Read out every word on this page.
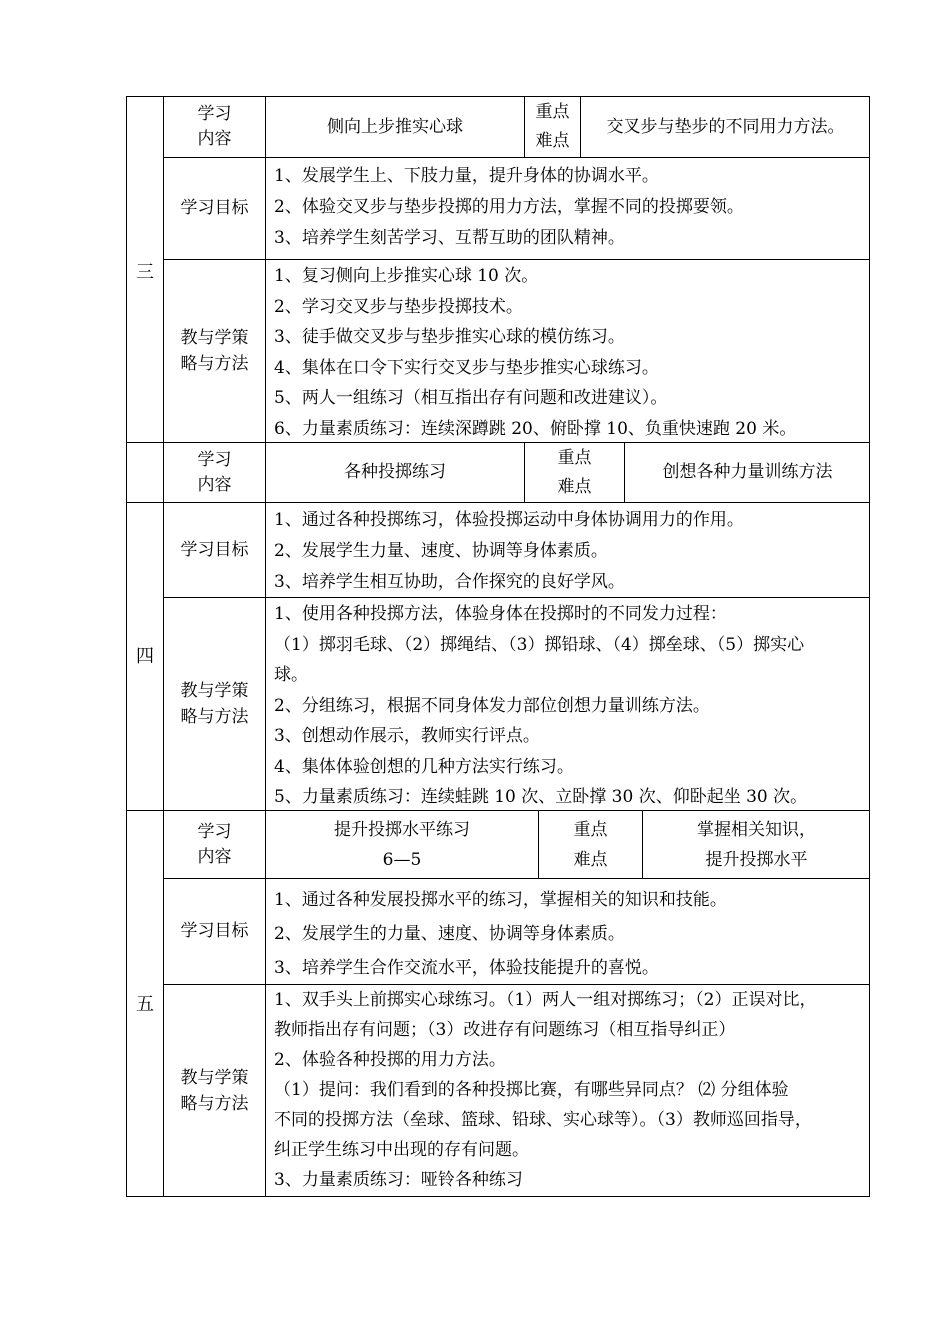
三
学习
内容
侧向上步推实心球
重点
难点
交叉步与垫步的不同用力方法。
学习目标
1、发展学生上、下肢力量，提升身体的协调水平。
2、体验交叉步与垫步投掷的用力方法，掌握不同的投掷要领。
3、培养学生刻苦学习、互帮互助的团队精神。
教与学策
略与方法
1、复习侧向上步推实心球 10 次。
2、学习交叉步与垫步投掷技术。
3、徒手做交叉步与垫步推实心球的模仿练习。
4、集体在口令下实行交叉步与垫步推实心球练习。
5、两人一组练习（相互指出存有问题和改进建议）。
6、力量素质练习：连续深蹲跳 20、俯卧撑 10、负重快速跑 20 米。
学习
内容
各种投掷练习
重点
难点
创想各种力量训练方法
四
学习目标
1、通过各种投掷练习，体验投掷运动中身体协调用力的作用。
2、发展学生力量、速度、协调等身体素质。
3、培养学生相互协助，合作探究的良好学风。
教与学策
略与方法
1、使用各种投掷方法，体验身体在投掷时的不同发力过程：
（1）掷羽毛球、（2）掷绳结、（3）掷铅球、（4）掷垒球、（5）掷实心
球。
2、分组练习，根据不同身体发力部位创想力量训练方法。
3、创想动作展示，教师实行评点。
4、集体体验创想的几种方法实行练习。
5、力量素质练习：连续蛙跳 10 次、立卧撑 30 次、仰卧起坐 30 次。
学习
内容
提升投掷水平练习
6—5
重点
难点
掌握相关知识，
提升投掷水平
五
学习目标
1、通过各种发展投掷水平的练习，掌握相关的知识和技能。
2、发展学生的力量、速度、协调等身体素质。
3、培养学生合作交流水平，体验技能提升的喜悦。
教与学策
略与方法
1、双手头上前掷实心球练习。（1）两人一组对掷练习；（2）正误对比，
教师指出存有问题；（3）改进存有问题练习（相互指导纠正）
2、体验各种投掷的用力方法。
（1）提问：我们看到的各种投掷比赛，有哪些异同点？ ⑵ 分组体验
不同的投掷方法（垒球、篮球、铅球、实心球等）。（3）教师巡回指导，
纠正学生练习中出现的存有问题。
3、力量素质练习：哑铃各种练习
